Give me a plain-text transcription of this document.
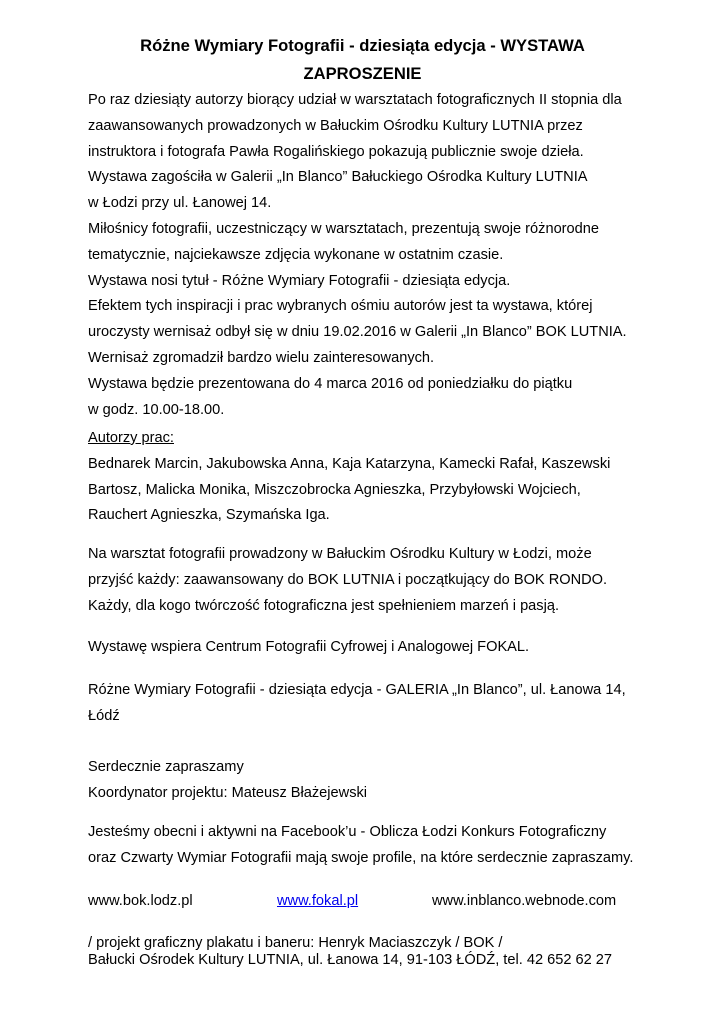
Różne Wymiary Fotografii - dziesiąta edycja - WYSTAWA
ZAPROSZENIE
Po raz dziesiąty autorzy biorący udział w warsztatach fotograficznych II stopnia dla
zaawansowanych prowadzonych w Bałuckim Ośrodku Kultury LUTNIA przez
instruktora i fotografa Pawła Rogalińskiego pokazują publicznie swoje dzieła.
Wystawa zagościła w Galerii „In Blanco” Bałuckiego Ośrodka Kultury LUTNIA
w Łodzi przy ul. Łanowej 14.
Miłośnicy fotografii, uczestniczący w warsztatach, prezentują swoje różnorodne
tematycznie, najciekawsze zdjęcia wykonane w ostatnim czasie.
Wystawa nosi tytuł - Różne Wymiary Fotografii - dziesiąta edycja.
Efektem tych inspiracji i prac wybranych ośmiu autorów jest ta wystawa, której
uroczysty wernisaż odbył się w dniu 19.02.2016 w Galerii „In Blanco” BOK LUTNIA.
Wernisaż zgromadził bardzo wielu zainteresowanych.
Wystawa będzie prezentowana do 4 marca 2016 od poniedziałku do piątku
w godz. 10.00-18.00.
Autorzy prac:
Bednarek Marcin, Jakubowska Anna, Kaja Katarzyna, Kamecki Rafał, Kaszewski
Bartosz, Malicka Monika, Miszczobrocka Agnieszka, Przybyłowski Wojciech,
Rauchert Agnieszka, Szymańska Iga.
Na warsztat fotografii prowadzony w Bałuckim Ośrodku Kultury w Łodzi, może
przyjść każdy: zaawansowany do BOK LUTNIA i początkujący do BOK RONDO.
Każdy, dla kogo twórczość fotograficzna jest spełnieniem marzeń i pasją.
Wystawę wspiera Centrum Fotografii Cyfrowej i Analogowej FOKAL.
Różne Wymiary Fotografii - dziesiąta edycja - GALERIA „In Blanco”, ul. Łanowa 14,
Łódź
Serdecznie zapraszamy
Koordynator projektu: Mateusz Błażejewski
Jesteśmy obecni i aktywni na Facebook’u - Oblicza Łodzi Konkurs Fotograficzny
oraz Czwarty Wymiar Fotografii mają swoje profile, na które serdecznie zapraszamy.
www.bok.lodz.pl	www.fokal.pl	www.inblanco.webnode.com
/ projekt graficzny plakatu i baneru: Henryk Maciaszczyk / BOK /
Bałucki Ośrodek Kultury LUTNIA, ul. Łanowa 14, 91-103 ŁÓDŹ, tel. 42 652 62 27
